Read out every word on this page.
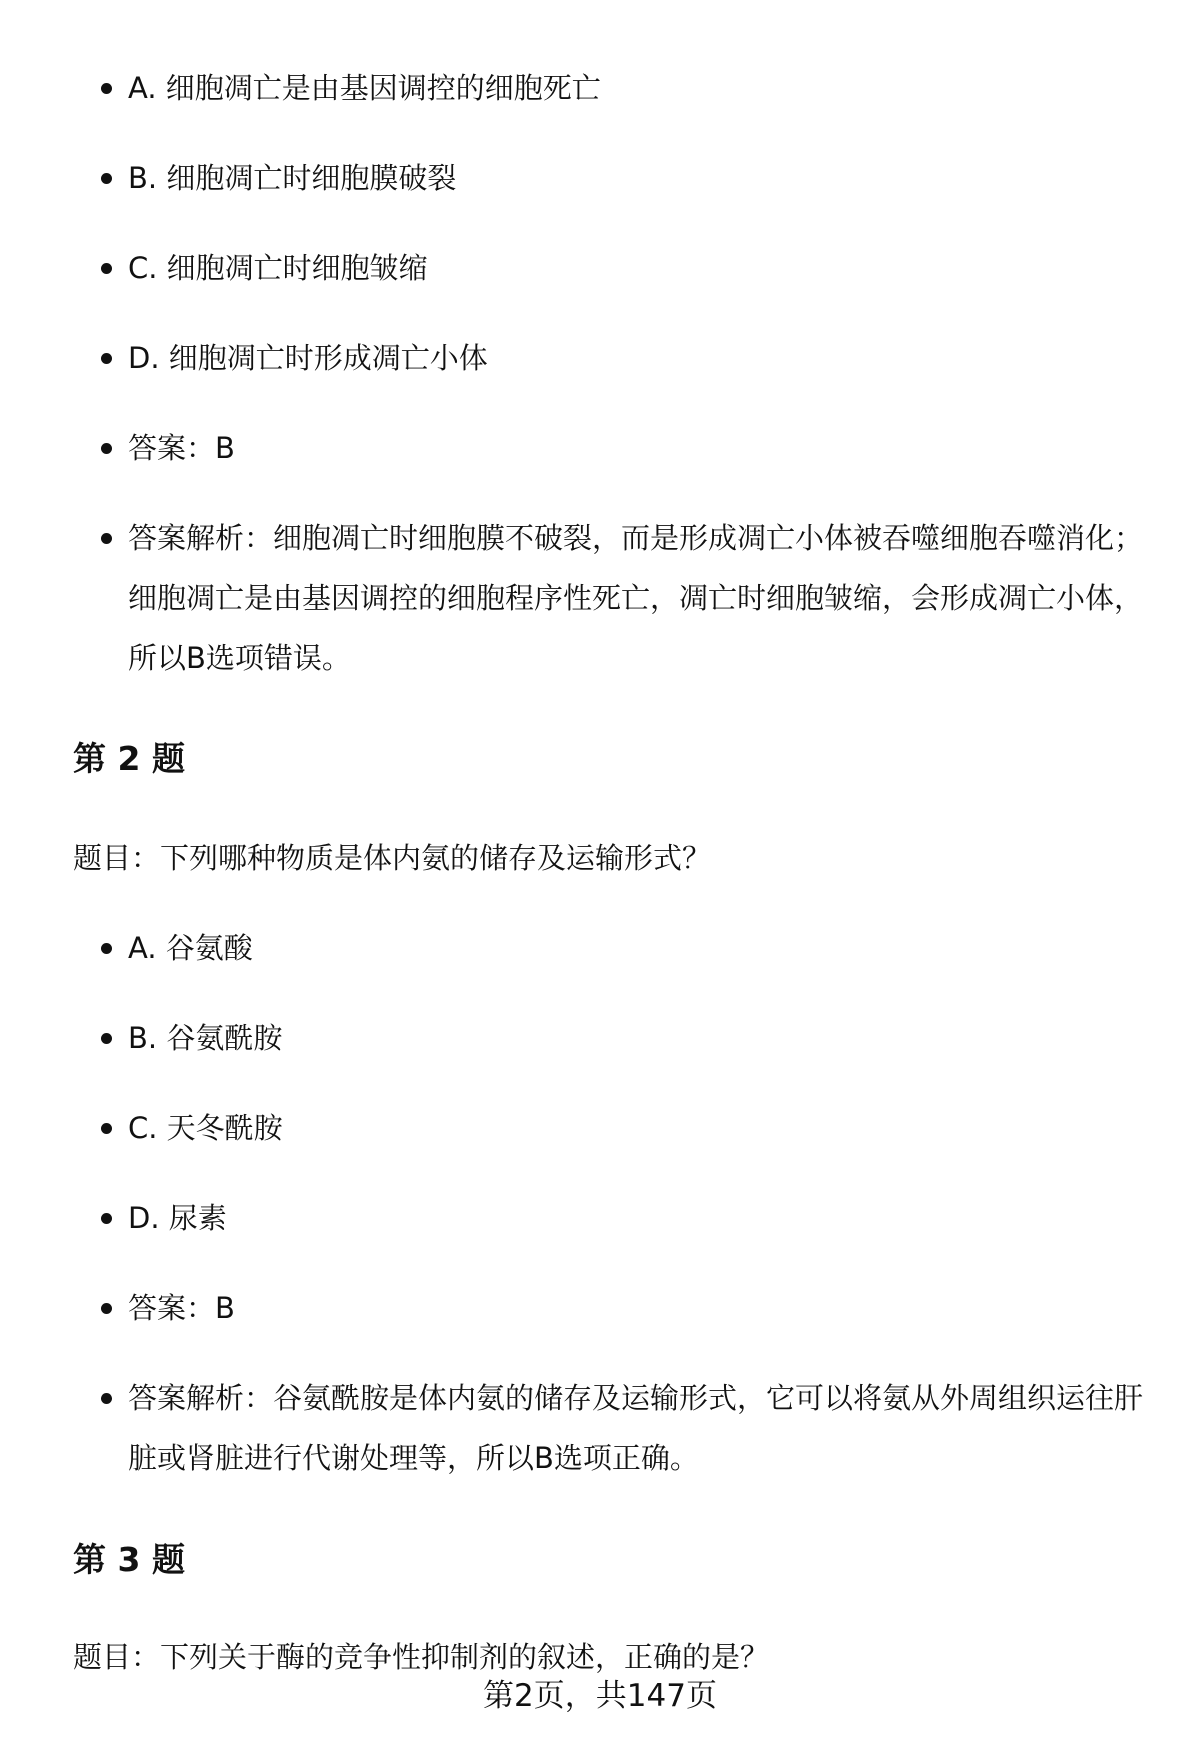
A. 细胞凋亡是由基因调控的细胞死亡
B. 细胞凋亡时细胞膜破裂
C. 细胞凋亡时细胞皱缩
D. 细胞凋亡时形成凋亡小体
答案：B
答案解析：细胞凋亡时细胞膜不破裂，而是形成凋亡小体被吞噬细胞吞噬消化；细胞凋亡是由基因调控的细胞程序性死亡，凋亡时细胞皱缩，会形成凋亡小体，所以B选项错误。
第 2 题

题目：下列哪种物质是体内氨的储存及运输形式？

A. 谷氨酸
B. 谷氨酰胺
C. 天冬酰胺
D. 尿素
答案：B
答案解析：谷氨酰胺是体内氨的储存及运输形式，它可以将氨从外周组织运往肝脏或肾脏进行代谢处理等，所以B选项正确。
第 3 题

题目：下列关于酶的竞争性抑制剂的叙述，正确的是？

第2页，共147页
